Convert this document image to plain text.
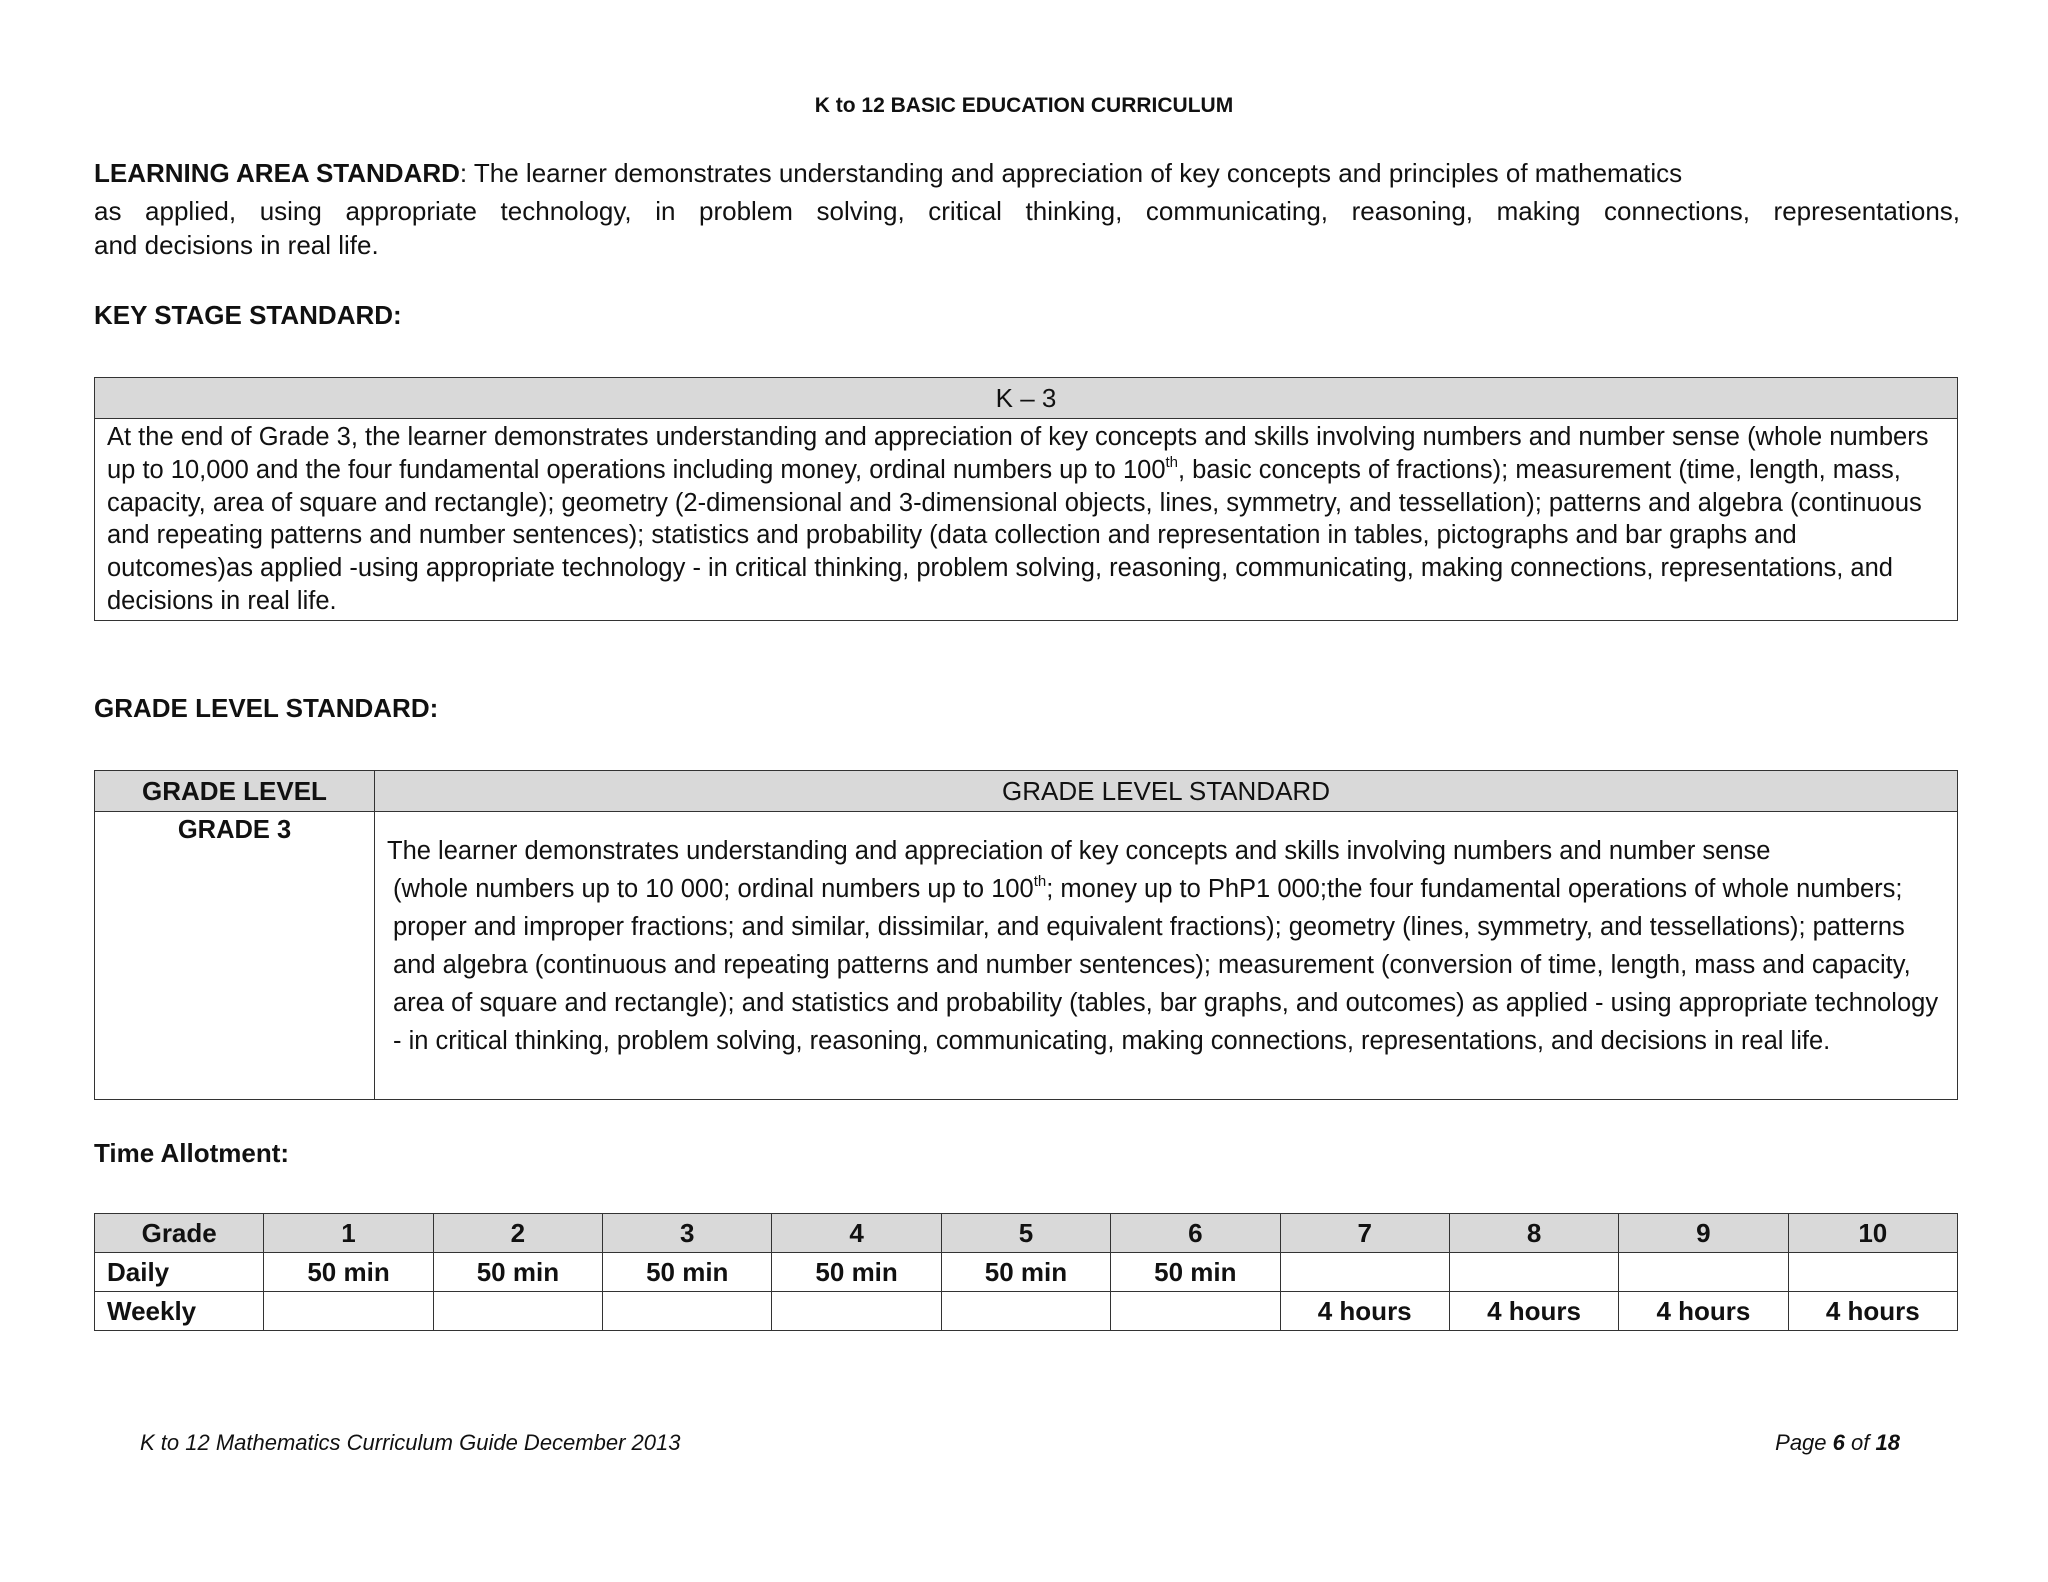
K to 12 BASIC EDUCATION CURRICULUM
LEARNING AREA STANDARD: The learner demonstrates understanding and appreciation of key concepts and principles of mathematics
as applied, using appropriate technology, in problem solving, critical thinking, communicating, reasoning, making connections, representations,
and decisions in real life.
KEY STAGE STANDARD:
K – 3
At the end of Grade 3, the learner demonstrates understanding and appreciation of key concepts and skills involving numbers and number sense (whole numbers up to 10,000 and the four fundamental operations including money, ordinal numbers up to 100th, basic concepts of fractions); measurement (time, length, mass, capacity, area of square and rectangle); geometry (2-dimensional and 3-dimensional objects, lines, symmetry, and tessellation); patterns and algebra (continuous and repeating patterns and number sentences); statistics and probability (data collection and representation in tables, pictographs and bar graphs and outcomes)as applied -using appropriate technology - in critical thinking, problem solving, reasoning, communicating, making connections, representations, and decisions in real life.
GRADE LEVEL STANDARD:
GRADE LEVEL	GRADE LEVEL STANDARD
GRADE 3	The learner demonstrates understanding and appreciation of key concepts and skills involving numbers and number sense
(whole numbers up to 10 000; ordinal numbers up to 100th; money up to PhP1 000;the four fundamental operations of whole numbers; proper and improper fractions; and similar, dissimilar, and equivalent fractions); geometry (lines, symmetry, and tessellations); patterns and algebra (continuous and repeating patterns and number sentences); measurement (conversion of time, length, mass and capacity, area of square and rectangle); and statistics and probability (tables, bar graphs, and outcomes) as applied - using appropriate technology - in critical thinking, problem solving, reasoning, communicating, making connections, representations, and decisions in real life.
Time Allotment:
Grade	1	2	3	4	5	6	7	8	9	10
Daily	50 min	50 min	50 min	50 min	50 min	50 min				
Weekly							4 hours	4 hours	4 hours	4 hours
K to 12 Mathematics Curriculum Guide December 2013	Page 6 of 18
